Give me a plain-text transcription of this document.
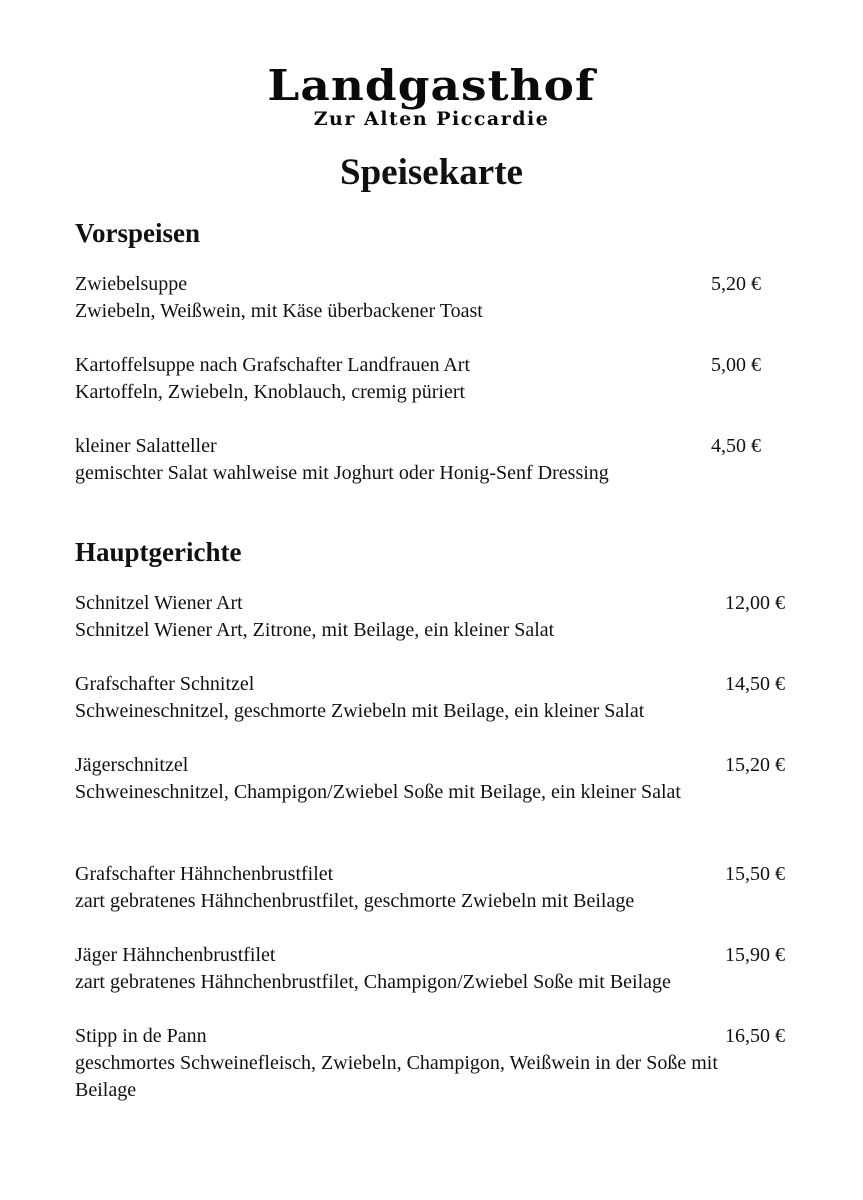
Landgasthof
Zur Alten Piccardie
Speisekarte
Vorspeisen
Zwiebelsuppe	5,20 €
Zwiebeln, Weißwein, mit Käse überbackener Toast
Kartoffelsuppe nach Grafschafter Landfrauen Art	5,00 €
Kartoffeln, Zwiebeln, Knoblauch, cremig püriert
kleiner Salatteller	4,50 €
gemischter Salat wahlweise mit Joghurt oder Honig-Senf Dressing
Hauptgerichte
Schnitzel Wiener Art	12,00 €
Schnitzel Wiener Art, Zitrone, mit Beilage, ein kleiner Salat
Grafschafter Schnitzel	14,50 €
Schweineschnitzel, geschmorte Zwiebeln mit Beilage, ein kleiner Salat
Jägerschnitzel	15,20 €
Schweineschnitzel, Champigon/Zwiebel Soße mit Beilage, ein kleiner Salat
Grafschafter Hähnchenbrustfilet	15,50 €
zart gebratenes Hähnchenbrustfilet, geschmorte Zwiebeln mit Beilage
Jäger Hähnchenbrustfilet	15,90 €
zart gebratenes Hähnchenbrustfilet, Champigon/Zwiebel Soße mit Beilage
Stipp in de Pann	16,50 €
geschmortes Schweinefleisch, Zwiebeln, Champigon, Weißwein in der Soße mit Beilage
